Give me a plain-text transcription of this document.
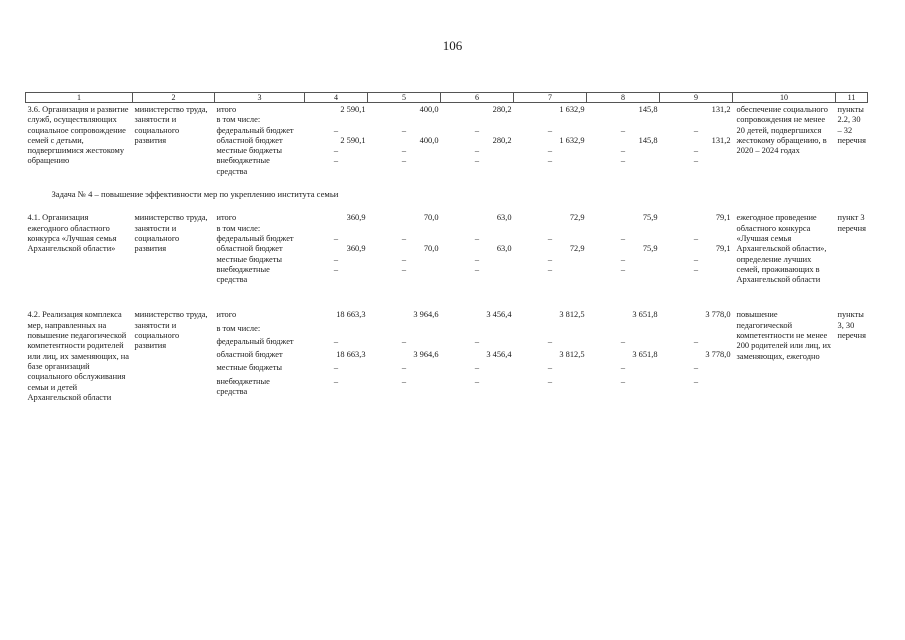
106
1	2	3	4	5	6	7	8	9	10	11
3.6. Организация и развитие служб, осуществляющих социальное сопровождение семей с детьми, подвергшимися жестокому обращению	министерство труда, занятости и социального развития	итого	2 590,1	400,0	280,2	1 632,9	145,8	131,2	обеспечение социального сопровождения не менее 20 детей, подвергшихся жестокому обращению, в 2020 – 2024 годах	пункты 2.2, 30 – 32 перечня
		в том числе:								
		федеральный бюджет	–	–	–	–	–	–		
		областной бюджет	2 590,1	400,0	280,2	1 632,9	145,8	131,2		
		местные бюджеты	–	–	–	–	–	–		
		внебюджетные средства	–	–	–	–	–	–		
Задача № 4 – повышение эффективности мер по укреплению института семьи										
4.1. Организация ежегодного областного конкурса «Лучшая семья Архангельской области»	министерство труда, занятости и социального развития	итого	360,9	70,0	63,0	72,9	75,9	79,1	ежегодное проведение областного конкурса «Лучшая семья Архангельской области», определение лучших семей, проживающих в Архангельской области	пункт 3 перечня
		в том числе:								
		федеральный бюджет	–	–	–	–	–	–		
		областной бюджет	360,9	70,0	63,0	72,9	75,9	79,1		
		местные бюджеты	–	–	–	–	–	–		
		внебюджетные средства	–	–	–	–	–	–		

4.2. Реализация комплекса мер, направленных на повышение педагогической компетентности родителей или лиц, их заменяющих, на базе организаций социального обслуживания семьи и детей Архангельской области	министерство труда, занятости и социального развития	итого	18 663,3	3 964,6	3 456,4	3 812,5	3 651,8	3 778,0	повышение педагогической компетентности не менее 200 родителей или лиц, их заменяющих, ежегодно	пункты 3, 30 перечня
		в том числе:								
		федеральный бюджет	–	–	–	–	–	–		
		областной бюджет	18 663,3	3 964,6	3 456,4	3 812,5	3 651,8	3 778,0		
		местные бюджеты	–	–	–	–	–	–		
		внебюджетные средства	–	–	–	–	–	–		
